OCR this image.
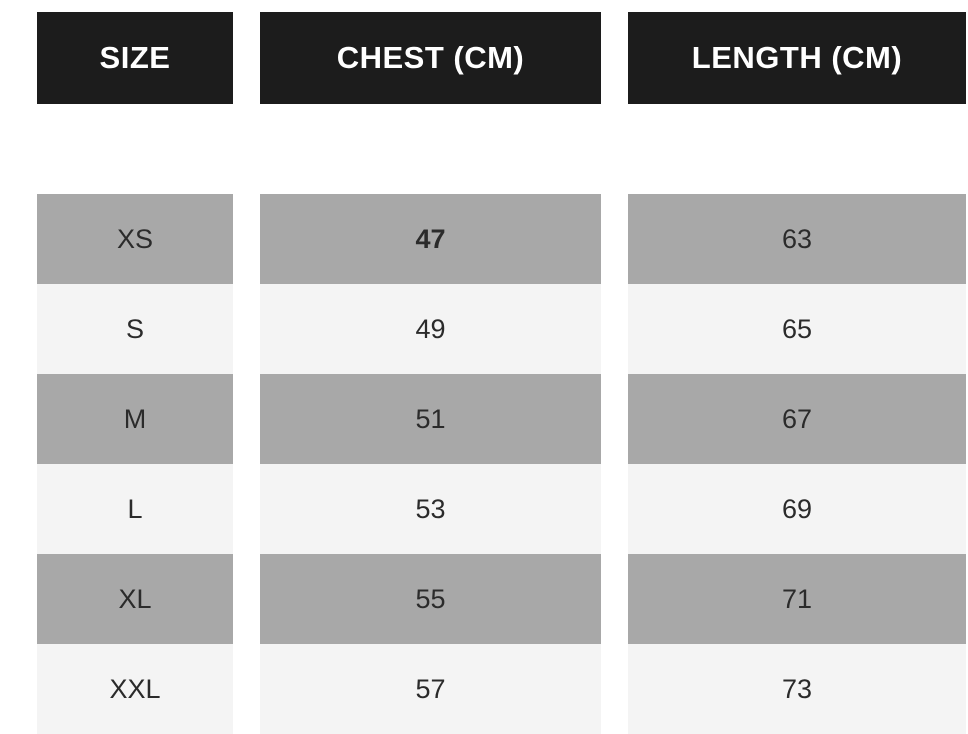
SIZE	CHEST (CM)	LENGTH (CM)

XS	47	63
S	49	65
M	51	67
L	53	69
XL	55	71
XXL	57	73
